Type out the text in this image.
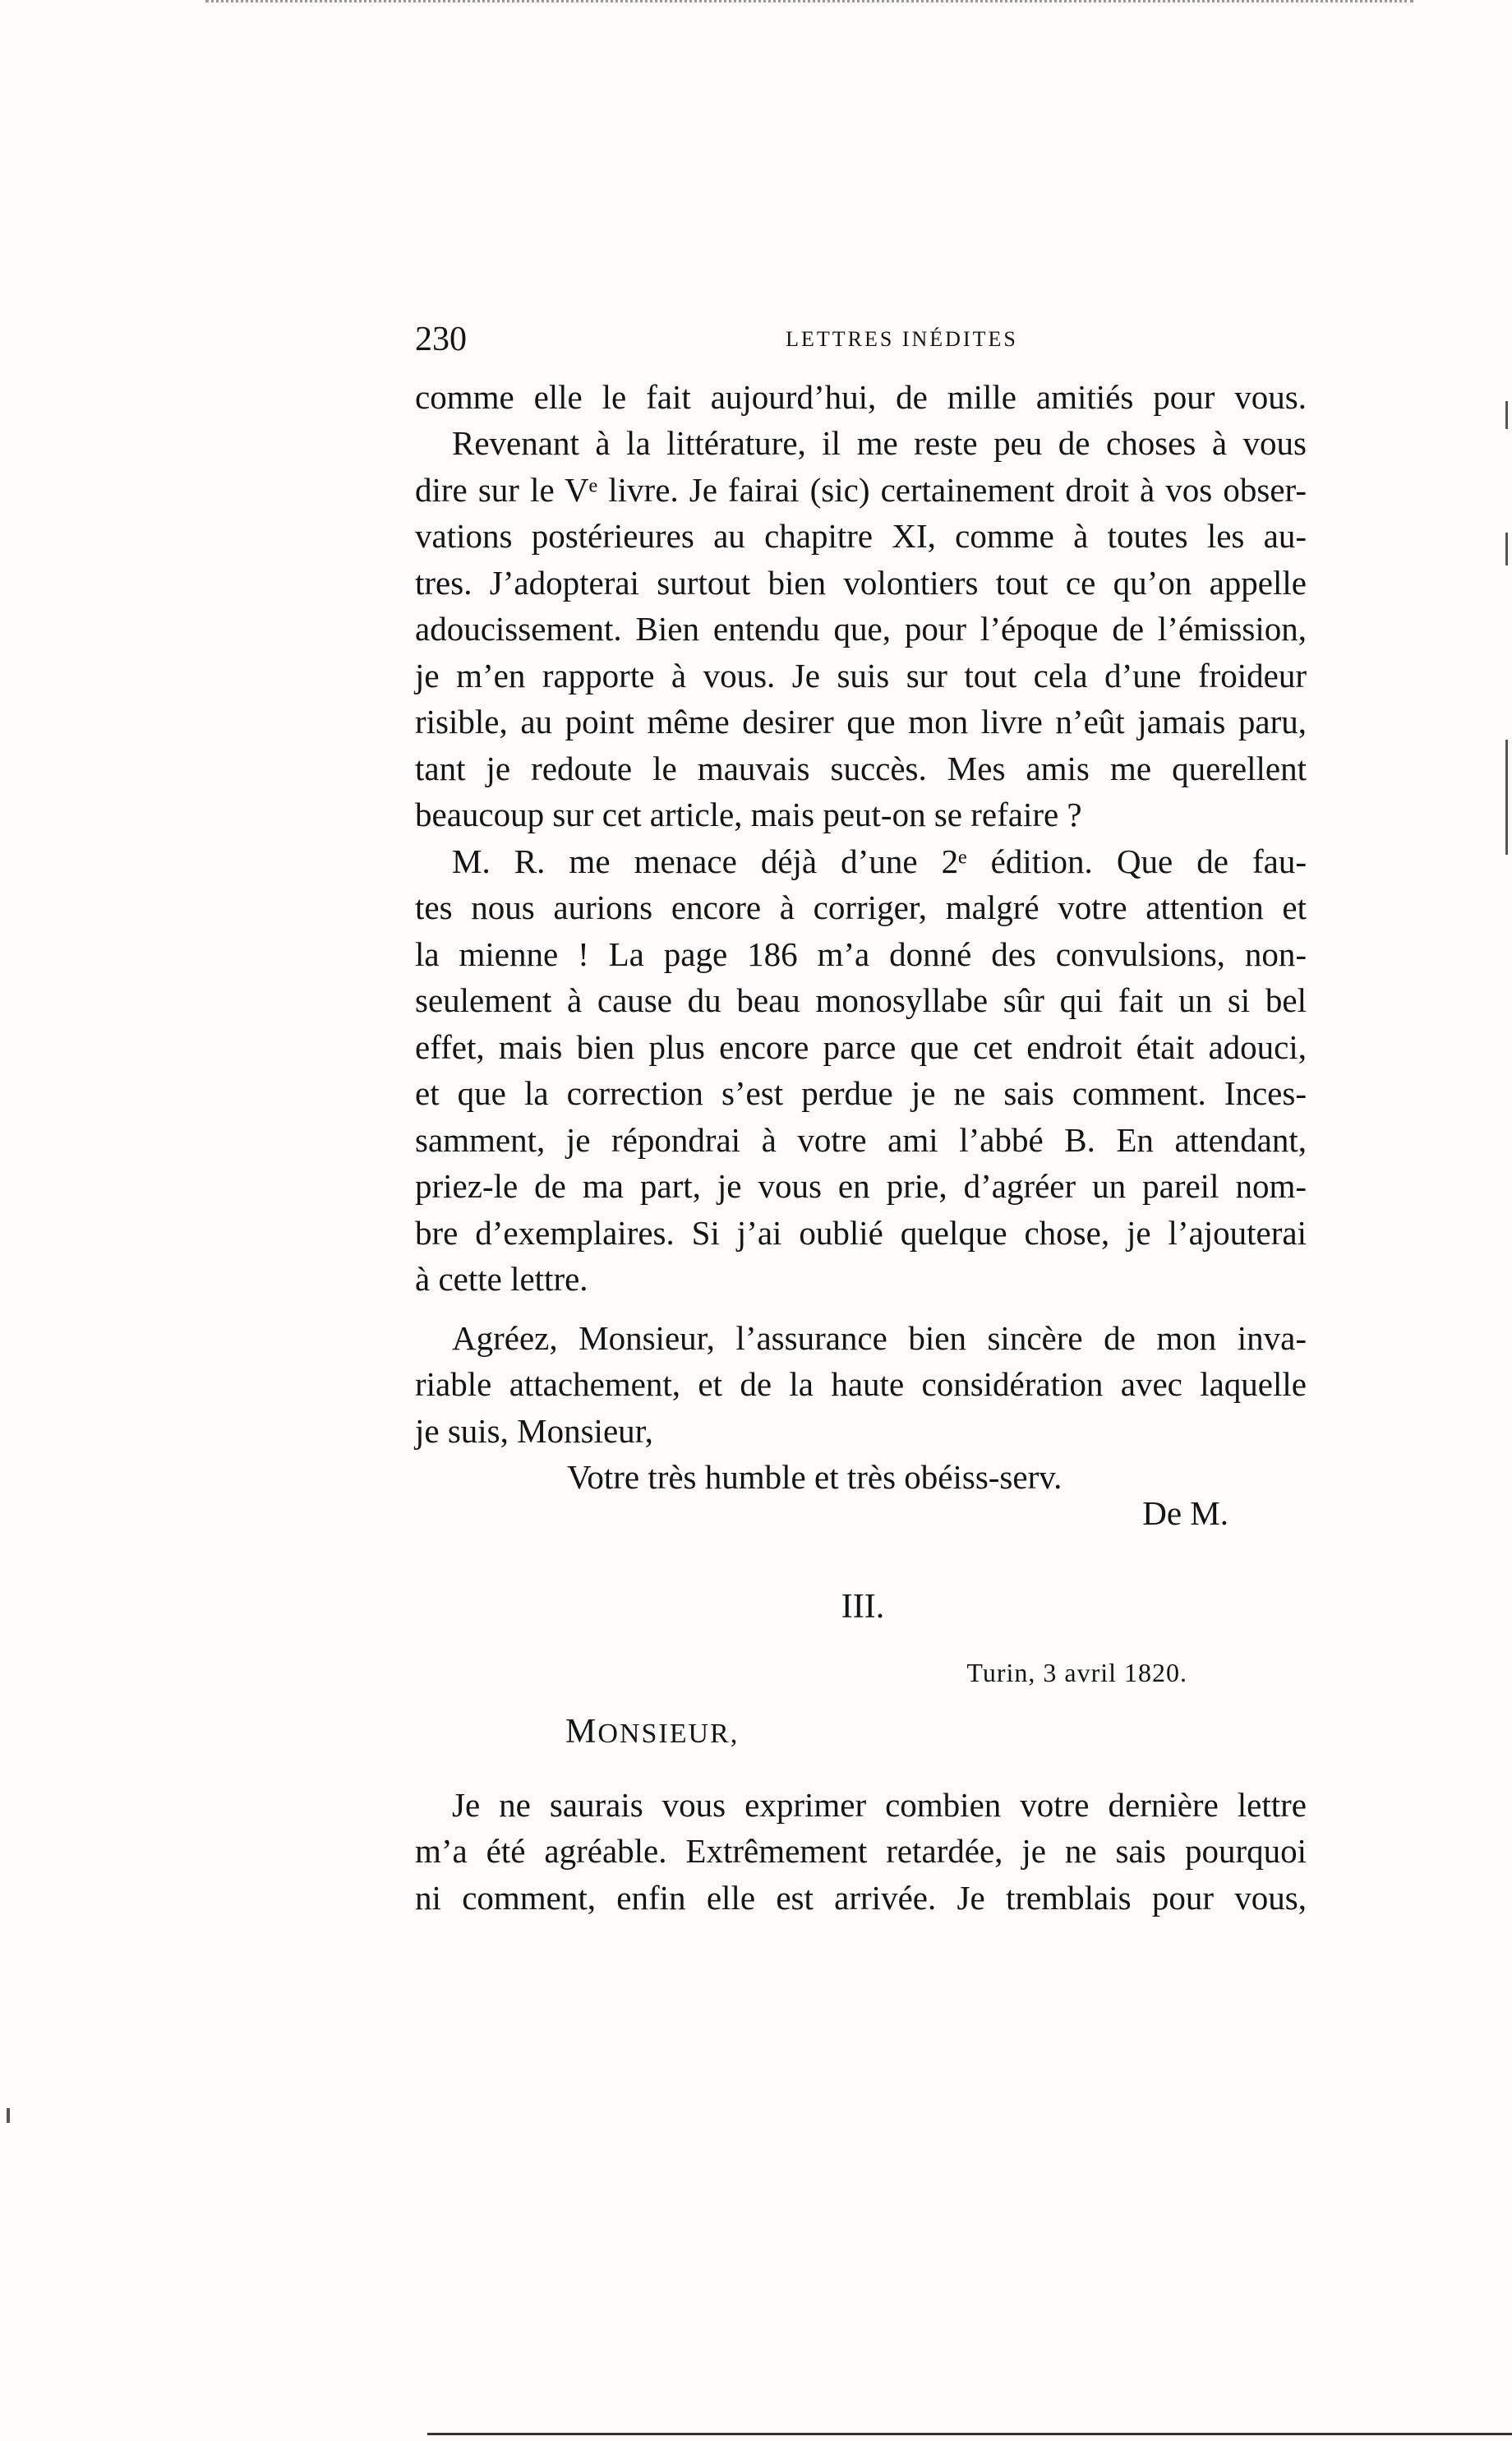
230	LETTRES INÉDITES
comme elle le fait aujourd’hui, de mille amitiés pour vous.
Revenant à la littérature, il me reste peu de choses à vous
dire sur le Vᵉ livre. Je fairai (sic) certainement droit à vos obser-
vations postérieures au chapitre XI, comme à toutes les au-
tres. J’adopterai surtout bien volontiers tout ce qu’on appelle
adoucissement. Bien entendu que, pour l’époque de l’émission,
je m’en rapporte à vous. Je suis sur tout cela d’une froideur
risible, au point même desirer que mon livre n’eût jamais paru,
tant je redoute le mauvais succès. Mes amis me querellent
beaucoup sur cet article, mais peut-on se refaire ?
M. R. me menace déjà d’une 2ᵉ édition. Que de fau-
tes nous aurions encore à corriger, malgré votre attention et
la mienne ! La page 186 m’a donné des convulsions, non-
seulement à cause du beau monosyllabe sûr qui fait un si bel
effet, mais bien plus encore parce que cet endroit était adouci,
et que la correction s’est perdue je ne sais comment. Inces-
samment, je répondrai à votre ami l’abbé B. En attendant,
priez-le de ma part, je vous en prie, d’agréer un pareil nom-
bre d’exemplaires. Si j’ai oublié quelque chose, je l’ajouterai
à cette lettre.
Agréez, Monsieur, l’assurance bien sincère de mon inva-
riable attachement, et de la haute considération avec laquelle
je suis, Monsieur,
Votre très humble et très obéiss-serv.
De M.
III.
Turin, 3 avril 1820.
MONSIEUR,
Je ne saurais vous exprimer combien votre dernière lettre
m’a été agréable. Extrêmement retardée, je ne sais pourquoi
ni comment, enfin elle est arrivée. Je tremblais pour vous,
